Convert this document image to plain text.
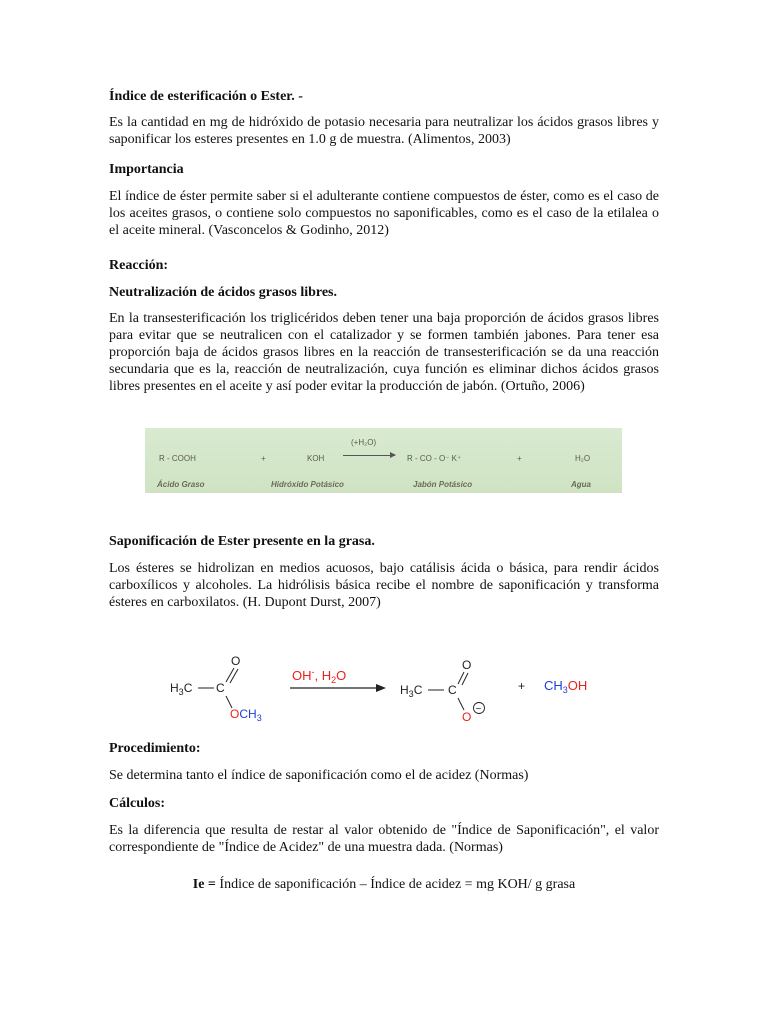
Índice de esterificación o Ester. -

Es la cantidad en mg de hidróxido de potasio necesaria para neutralizar los ácidos grasos libres y saponificar los esteres presentes en 1.0 g de muestra. (Alimentos, 2003)

Importancia

El índice de éster permite saber si el adulterante contiene compuestos de éster, como es el caso de los aceites grasos, o contiene solo compuestos no saponificables, como es el caso de la etilalea o el aceite mineral. (Vasconcelos & Godinho, 2012)

Reacción:

Neutralización de ácidos grasos libres.

En la transesterificación los triglicéridos deben tener una baja proporción de ácidos grasos libres para evitar que se neutralicen con el catalizador y se formen también jabones. Para tener esa proporción baja de ácidos grasos libres en la reacción de transesterificación se da una reacción secundaria que es la, reacción de neutralización, cuya función es eliminar dichos ácidos grasos libres presentes en el aceite y así poder evitar la producción de jabón. (Ortuño, 2006)

R - COOH	+	KOH
(+H₂O)
R - CO - O⁻ K⁺	+	H₂O
Ácido Graso	Hidróxido Potásico	Jabón Potásico	Agua

Saponificación de Ester presente en la grasa.

Los ésteres se hidrolizan en medios acuosos, bajo catálisis ácida o básica, para rendir ácidos carboxílicos y alcoholes. La hidrólisis básica recibe el nombre de saponificación y transforma ésteres en carboxilatos. (H. Dupont Durst, 2007)

$H_3C$ C
O
$OCH_3$
OH-, $H_2O$
$H_3C$ C
O
O
−
+ $CH_3OH$

Procedimiento:

Se determina tanto el índice de saponificación como el de acidez (Normas)

Cálculos:

Es la diferencia que resulta de restar al valor obtenido de "Índice de Saponificación", el valor correspondiente de "Índice de Acidez" de una muestra dada. (Normas)

Ie = Índice de saponificación – Índice de acidez = mg KOH/ g grasa
